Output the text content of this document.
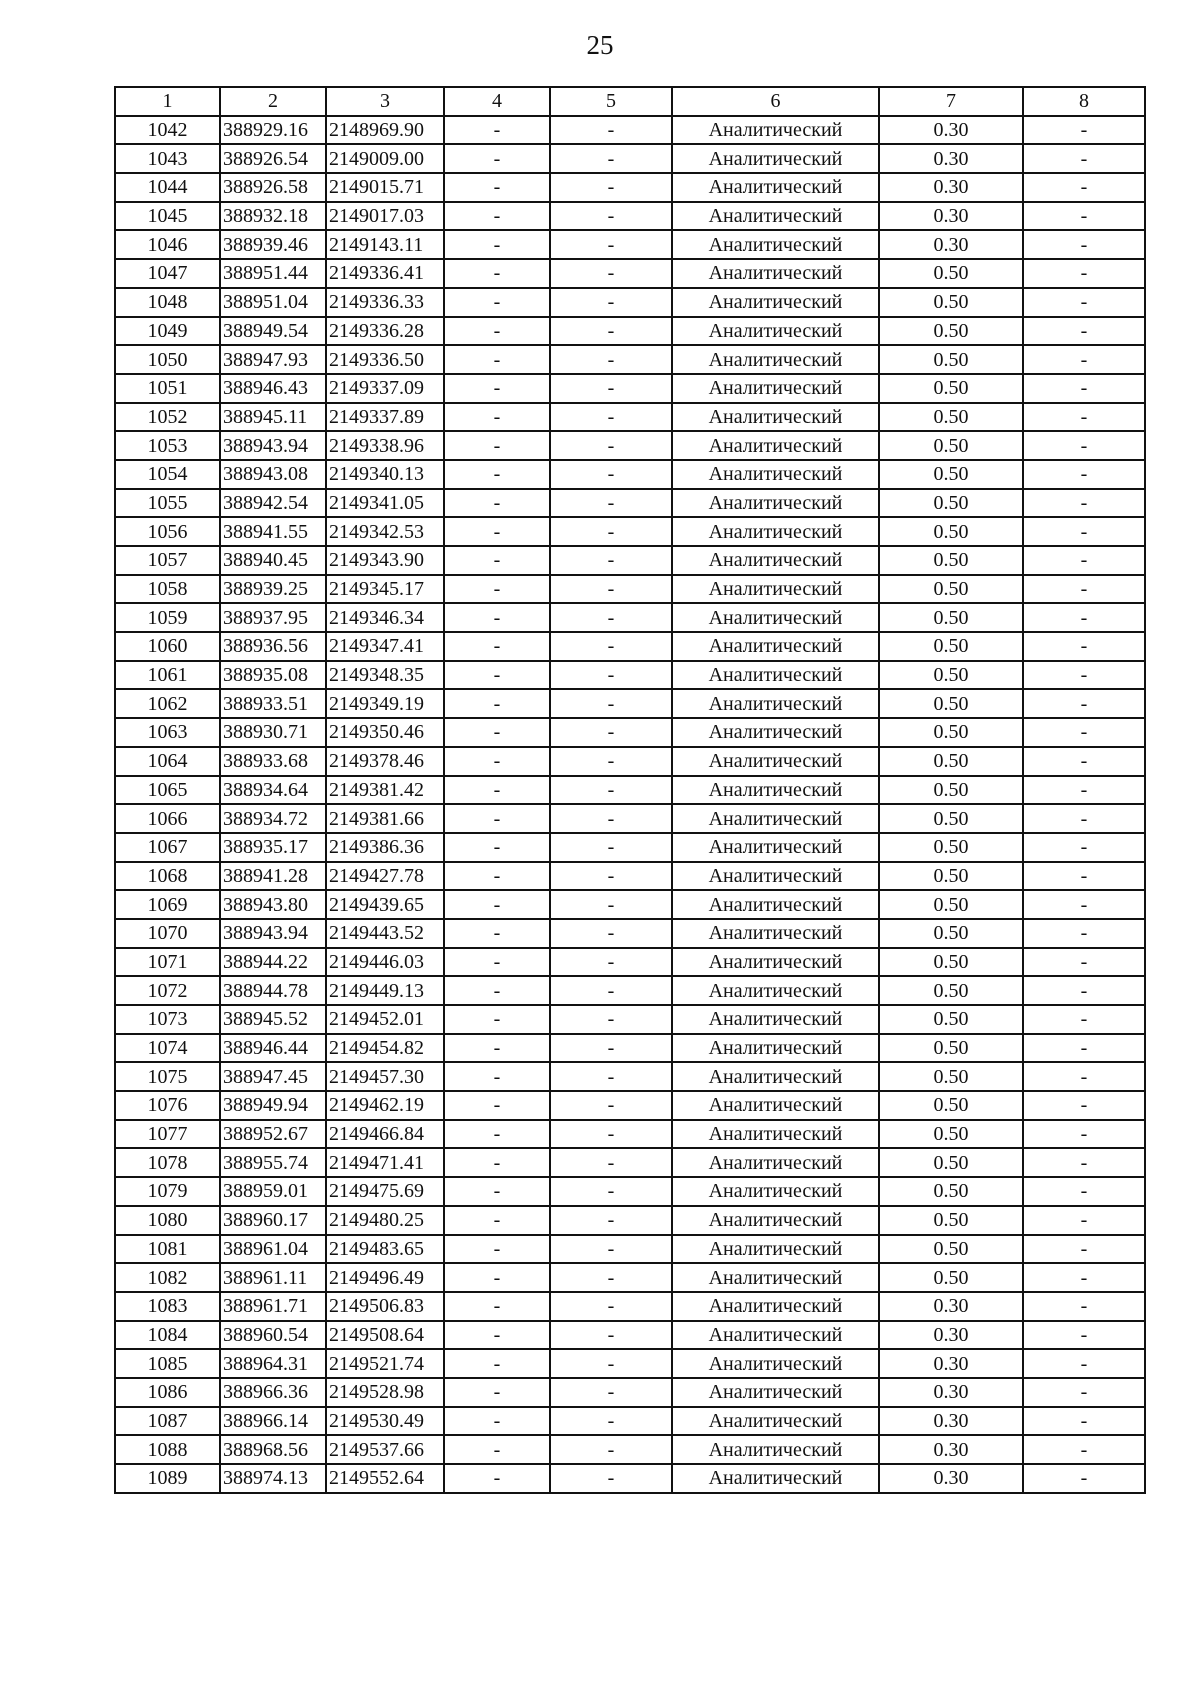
25
1	2	3	4	5	6	7	8
1042	388929.16	2148969.90	-	-	Аналитический	0.30	-
1043	388926.54	2149009.00	-	-	Аналитический	0.30	-
1044	388926.58	2149015.71	-	-	Аналитический	0.30	-
1045	388932.18	2149017.03	-	-	Аналитический	0.30	-
1046	388939.46	2149143.11	-	-	Аналитический	0.30	-
1047	388951.44	2149336.41	-	-	Аналитический	0.50	-
1048	388951.04	2149336.33	-	-	Аналитический	0.50	-
1049	388949.54	2149336.28	-	-	Аналитический	0.50	-
1050	388947.93	2149336.50	-	-	Аналитический	0.50	-
1051	388946.43	2149337.09	-	-	Аналитический	0.50	-
1052	388945.11	2149337.89	-	-	Аналитический	0.50	-
1053	388943.94	2149338.96	-	-	Аналитический	0.50	-
1054	388943.08	2149340.13	-	-	Аналитический	0.50	-
1055	388942.54	2149341.05	-	-	Аналитический	0.50	-
1056	388941.55	2149342.53	-	-	Аналитический	0.50	-
1057	388940.45	2149343.90	-	-	Аналитический	0.50	-
1058	388939.25	2149345.17	-	-	Аналитический	0.50	-
1059	388937.95	2149346.34	-	-	Аналитический	0.50	-
1060	388936.56	2149347.41	-	-	Аналитический	0.50	-
1061	388935.08	2149348.35	-	-	Аналитический	0.50	-
1062	388933.51	2149349.19	-	-	Аналитический	0.50	-
1063	388930.71	2149350.46	-	-	Аналитический	0.50	-
1064	388933.68	2149378.46	-	-	Аналитический	0.50	-
1065	388934.64	2149381.42	-	-	Аналитический	0.50	-
1066	388934.72	2149381.66	-	-	Аналитический	0.50	-
1067	388935.17	2149386.36	-	-	Аналитический	0.50	-
1068	388941.28	2149427.78	-	-	Аналитический	0.50	-
1069	388943.80	2149439.65	-	-	Аналитический	0.50	-
1070	388943.94	2149443.52	-	-	Аналитический	0.50	-
1071	388944.22	2149446.03	-	-	Аналитический	0.50	-
1072	388944.78	2149449.13	-	-	Аналитический	0.50	-
1073	388945.52	2149452.01	-	-	Аналитический	0.50	-
1074	388946.44	2149454.82	-	-	Аналитический	0.50	-
1075	388947.45	2149457.30	-	-	Аналитический	0.50	-
1076	388949.94	2149462.19	-	-	Аналитический	0.50	-
1077	388952.67	2149466.84	-	-	Аналитический	0.50	-
1078	388955.74	2149471.41	-	-	Аналитический	0.50	-
1079	388959.01	2149475.69	-	-	Аналитический	0.50	-
1080	388960.17	2149480.25	-	-	Аналитический	0.50	-
1081	388961.04	2149483.65	-	-	Аналитический	0.50	-
1082	388961.11	2149496.49	-	-	Аналитический	0.50	-
1083	388961.71	2149506.83	-	-	Аналитический	0.30	-
1084	388960.54	2149508.64	-	-	Аналитический	0.30	-
1085	388964.31	2149521.74	-	-	Аналитический	0.30	-
1086	388966.36	2149528.98	-	-	Аналитический	0.30	-
1087	388966.14	2149530.49	-	-	Аналитический	0.30	-
1088	388968.56	2149537.66	-	-	Аналитический	0.30	-
1089	388974.13	2149552.64	-	-	Аналитический	0.30	-
